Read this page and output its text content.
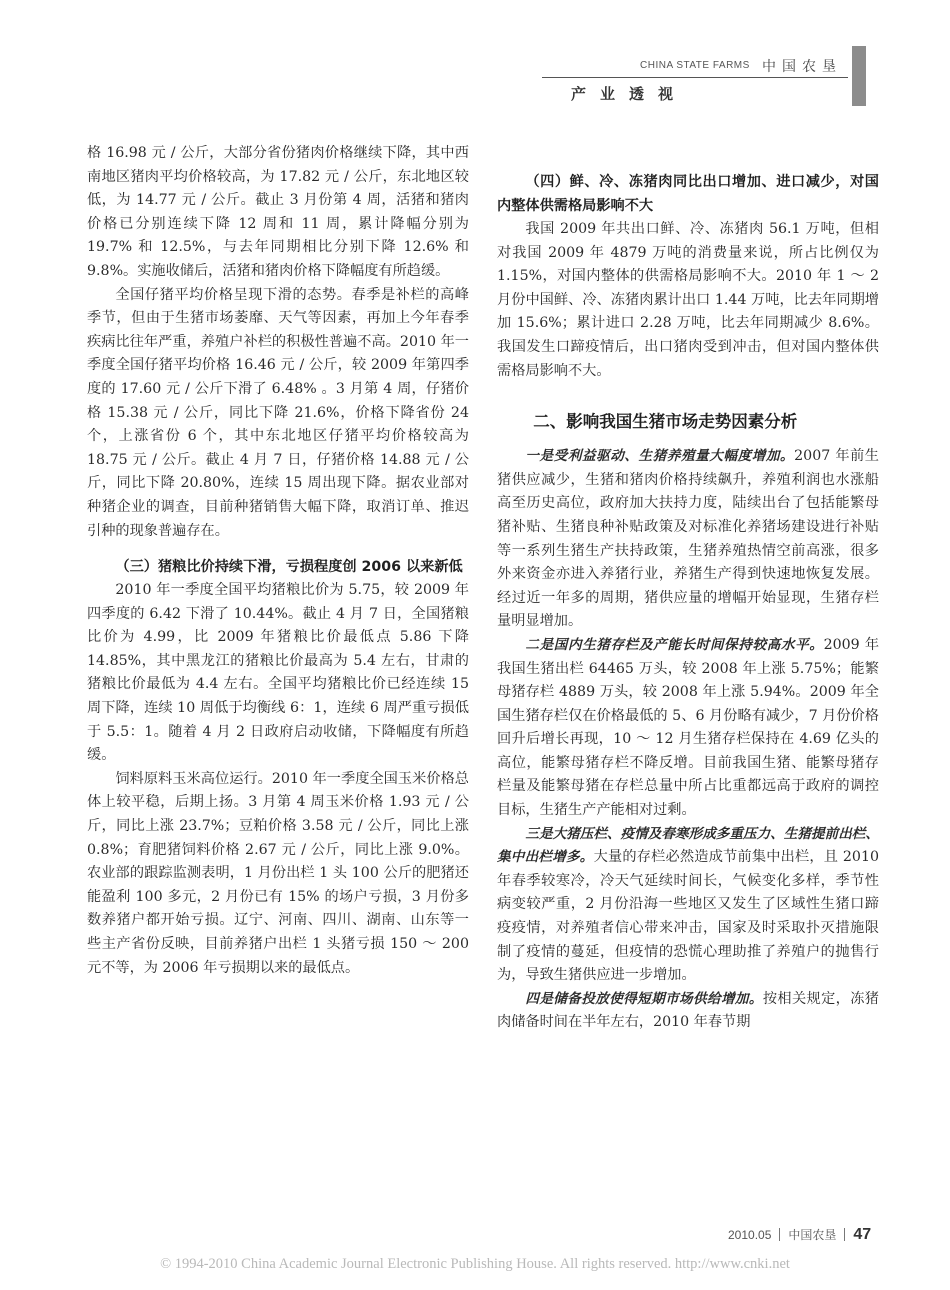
CHINA STATE FARMS 中国农垦
产业透视

格 16.98 元 / 公斤，大部分省份猪肉价格继续下降，其中西南地区猪肉平均价格较高，为 17.82 元 / 公斤，东北地区较低，为 14.77 元 / 公斤。截止 3 月份第 4 周，活猪和猪肉价格已分别连续下降 12 周和 11 周，累计降幅分别为 19.7% 和 12.5%，与去年同期相比分别下降 12.6% 和 9.8%。实施收储后，活猪和猪肉价格下降幅度有所趋缓。

全国仔猪平均价格呈现下滑的态势。春季是补栏的高峰季节，但由于生猪市场萎靡、天气等因素，再加上今年春季疾病比往年严重，养殖户补栏的积极性普遍不高。2010 年一季度全国仔猪平均价格 16.46 元 / 公斤，较 2009 年第四季度的 17.60 元 / 公斤下滑了 6.48% 。3 月第 4 周，仔猪价格 15.38 元 / 公斤，同比下降 21.6%，价格下降省份 24 个，上涨省份 6 个，其中东北地区仔猪平均价格较高为 18.75 元 / 公斤。截止 4 月 7 日，仔猪价格 14.88 元 / 公斤，同比下降 20.80%，连续 15 周出现下降。据农业部对种猪企业的调查，目前种猪销售大幅下降，取消订单、推迟引种的现象普遍存在。

（三）猪粮比价持续下滑，亏损程度创 2006 以来新低

2010 年一季度全国平均猪粮比价为 5.75，较 2009 年四季度的 6.42 下滑了 10.44%。截止 4 月 7 日，全国猪粮比价为 4.99，比 2009 年猪粮比价最低点 5.86 下降 14.85%，其中黑龙江的猪粮比价最高为 5.4 左右，甘肃的猪粮比价最低为 4.4 左右。全国平均猪粮比价已经连续 15 周下降，连续 10 周低于均衡线 6：1，连续 6 周严重亏损低于 5.5：1。随着 4 月 2 日政府启动收储，下降幅度有所趋缓。

饲料原料玉米高位运行。2010 年一季度全国玉米价格总体上较平稳，后期上扬。3 月第 4 周玉米价格 1.93 元 / 公斤，同比上涨 23.7%；豆粕价格 3.58 元 / 公斤，同比上涨 0.8%；育肥猪饲料价格 2.67 元 / 公斤，同比上涨 9.0%。农业部的跟踪监测表明，1 月份出栏 1 头 100 公斤的肥猪还能盈利 100 多元，2 月份已有 15% 的场户亏损，3 月份多数养猪户都开始亏损。辽宁、河南、四川、湖南、山东等一些主产省份反映，目前养猪户出栏 1 头猪亏损 150 ～ 200 元不等，为 2006 年亏损期以来的最低点。

（四）鲜、冷、冻猪肉同比出口增加、进口减少，对国内整体供需格局影响不大

我国 2009 年共出口鲜、冷、冻猪肉 56.1 万吨，但相对我国 2009 年 4879 万吨的消费量来说，所占比例仅为 1.15%，对国内整体的供需格局影响不大。2010 年 1 ～ 2 月份中国鲜、冷、冻猪肉累计出口 1.44 万吨，比去年同期增加 15.6%；累计进口 2.28 万吨，比去年同期减少 8.6%。我国发生口蹄疫情后，出口猪肉受到冲击，但对国内整体供需格局影响不大。

二、影响我国生猪市场走势因素分析

一是受利益驱动、生猪养殖量大幅度增加。2007 年前生猪供应减少，生猪和猪肉价格持续飙升，养殖利润也水涨船高至历史高位，政府加大扶持力度，陆续出台了包括能繁母猪补贴、生猪良种补贴政策及对标准化养猪场建设进行补贴等一系列生猪生产扶持政策，生猪养殖热情空前高涨，很多外来资金亦进入养猪行业，养猪生产得到快速地恢复发展。经过近一年多的周期，猪供应量的增幅开始显现，生猪存栏量明显增加。

二是国内生猪存栏及产能长时间保持较高水平。2009 年我国生猪出栏 64465 万头，较 2008 年上涨 5.75%；能繁母猪存栏 4889 万头，较 2008 年上涨 5.94%。2009 年全国生猪存栏仅在价格最低的 5、6 月份略有减少，7 月份价格回升后增长再现，10 ～ 12 月生猪存栏保持在 4.69 亿头的高位，能繁母猪存栏不降反增。目前我国生猪、能繁母猪存栏量及能繁母猪在存栏总量中所占比重都远高于政府的调控目标，生猪生产产能相对过剩。

三是大猪压栏、疫情及春寒形成多重压力、生猪提前出栏、集中出栏增多。大量的存栏必然造成节前集中出栏，且 2010 年春季较寒冷，冷天气延续时间长，气候变化多样，季节性病变较严重，2 月份沿海一些地区又发生了区域性生猪口蹄疫疫情，对养殖者信心带来冲击，国家及时采取扑灭措施限制了疫情的蔓延，但疫情的恐慌心理助推了养殖户的抛售行为，导致生猪供应进一步增加。

四是储备投放使得短期市场供给增加。按相关规定，冻猪肉储备时间在半年左右，2010 年春节期

2010.05 中国农垦 47
© 1994-2010 China Academic Journal Electronic Publishing House. All rights reserved. http://www.cnki.net
